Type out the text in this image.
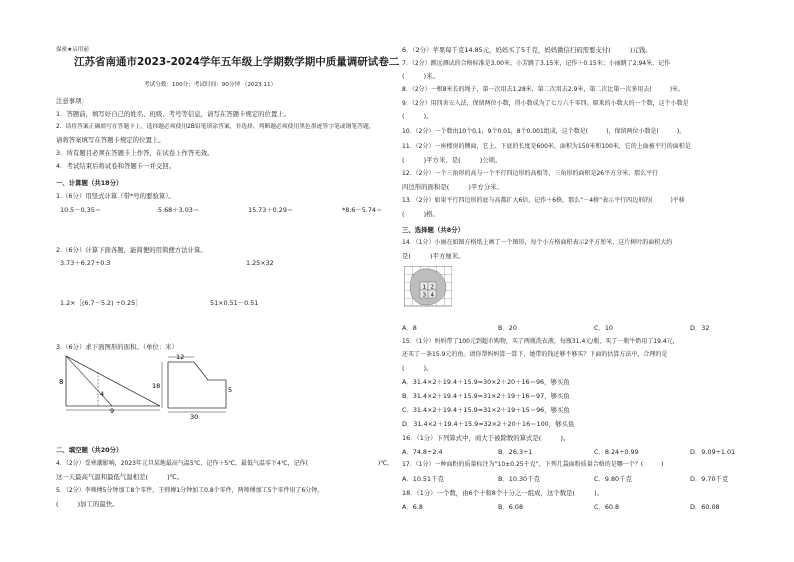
保密★启用前
江苏省南通市2023-2024学年五年级上学期数学期中质量调研试卷二
考试分数：100分；考试时间：90分钟 （2023.11）
注意事项：
1．答题前，填写好自己的姓名、班级、考号等信息，请写在答题卡规定的位置上。
2．请将答案正确填写在答题卡上，选择题必须使用2B铅笔填涂答案，非选择、判断题必须使用黑色墨迹签字笔或钢笔答题，
请将答案填写在答题卡规定的位置上。
3．所有题目必须在答题卡上作答，在试卷上作答无效。
4．考试结束后将试卷和答题卡一并交回。
一、计算题（共18分）
1.（6分）用竖式计算（带*号的要验算）。
10.5－0.35＝	5.68＋3.03＝	15.73＋0.29＝	*8.6－5.74＝
2.（6分）计算下面各题，能简便的用简便方法计算。
3.73＋6.27÷0.3	1.25×32
1.2×［(6.7－5.2) ÷0.25］	51×0.51－0.51
3.（6分）求下面图形的面积。（单位：米）
8
4
9
12
18	5
30
二、填空题（共20分）
4．（2分）受寒潮影响，2023年元旦某地最高气温5℃，记作＋5℃，最低气温零下4℃，记作(	)℃，
这一天最高气温和最低气温相差(　　　)℃。
5．（2分）李师傅5分钟加工8个零件，王师傅1分钟加工0.8个零件，两师傅加工5个零件用了6分钟，
(　　　)加工的最快。
6．（2分）苹果每千克14.85元，妈妈买了5千克，妈妈微信扫码需要支付(　　　)元钱。
7．（2分）跳远测试的合格标准是3.00米，小芳跳了3.15米，记作＋0.15米；小丽跳了2.94米，记作
(　　　)米。
8．（2分）一根8米长的绳子，第一次用去1.28米，第二次用去2.9米，第二次比第一次多用去(　　　)米。
9．（2分）用四舍五入法，保留两位小数，得小数成为了七万六千零四。原来的小数大的一个数，这个小数是
(　　　)。
10．（2分）一个数由10个0.1，9个0.01，8个0.001组成，这个数是(　　　)，保留两位小数是(　　　)。
11．（2分）一座楼房的侧面，它上、下底的长度是600米，面积为150米和100米，它的上面被平行的面积是
(　　　)平方米，是(　　　)公顷。
12．（2分）一个三角形的高与一个平行四边形的高相等，三角形的面积是26平方分米，那么平行
四边形的面积是(　　　)平方分米。
13．（2分）如果平行四边形的底与高都扩大6倍，记作＋6格，那么“－4格”表示平行四边形的(　　　)平移
(　　　)格。
三、选择题（共8分）
14．（1分）小丽在如图方格纸上画了一个图形，每个小方格面积表示2平方厘米，这片树叶的面积大约
是(　　　)平方厘米。
1 2
3 4
A．8	B．20	C．10	D．32
15．（1分）妈妈带了100元到超市购物，买了两瓶洗衣液，每瓶31.4元/瓶，买了一瓶牛奶用了19.4元，
还买了一条15.9元的鱼。请你帮妈妈算一算下，她带的钱还够不够买？下面的估算方法中，合理的是
(　　　)。
A．31.4×2＋19.4＋15.9≈30×2＋20＋16＝96，够买鱼
B．31.4×2＋19.4＋15.9≈31×2＋19＋16＝97，够买鱼
C．31.4×2＋19.4＋15.9≈31×2＋19＋15＝96，够买鱼
D．31.4×2＋19.4＋15.9≈32×2＋20＋16＝100，够买鱼
16．（1分）下列算式中，商大于被除数的算式是(　　　)。
A．74.8÷2.4	B．26.3÷1	C．8.24÷0.99	D．9.09÷1.01
17．（1分）一种面粉的质量标注为“10±0.25千克”，下列几袋面粉质量合格的是哪一个？(　　　)
A．10.51千克	B．10.30千克	C．9.80千克	D．9.70千克
18．（1分）一个数，由6个十和8个十分之一组成，这个数是(　　　)。
A．6.8	B．6.08	C．60.8	D．60.08
